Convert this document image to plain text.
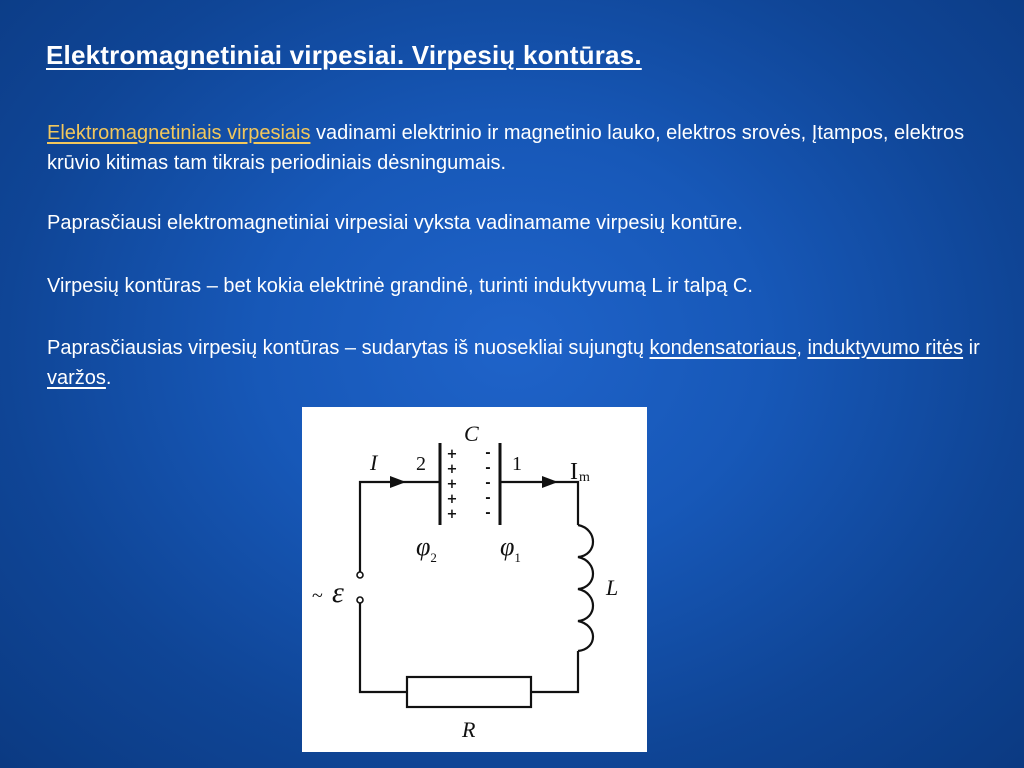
Elektromagnetiniai virpesiai. Virpesių kontūras.
Elektromagnetiniais virpesiais vadinami elektrinio ir magnetinio lauko, elektros srovės, Įtampos, elektros krūvio kitimas tam tikrais periodiniais dėsningumais.
Paprasčiausi elektromagnetiniai virpesiai vyksta vadinamame virpesių kontūre.
Virpesių kontūras – bet kokia elektrinė grandinė, turinti induktyvumą L ir talpą C.
Paprasčiausias virpesių kontūras – sudarytas iš nuosekliai sujungtų kondensatoriaus, induktyvumo ritės ir varžos.
+
+
+
+
+
-
-
-
-
-
C
I 2	1 Im
$\varphi_2$ $\varphi_1$
L
R
~ ε
